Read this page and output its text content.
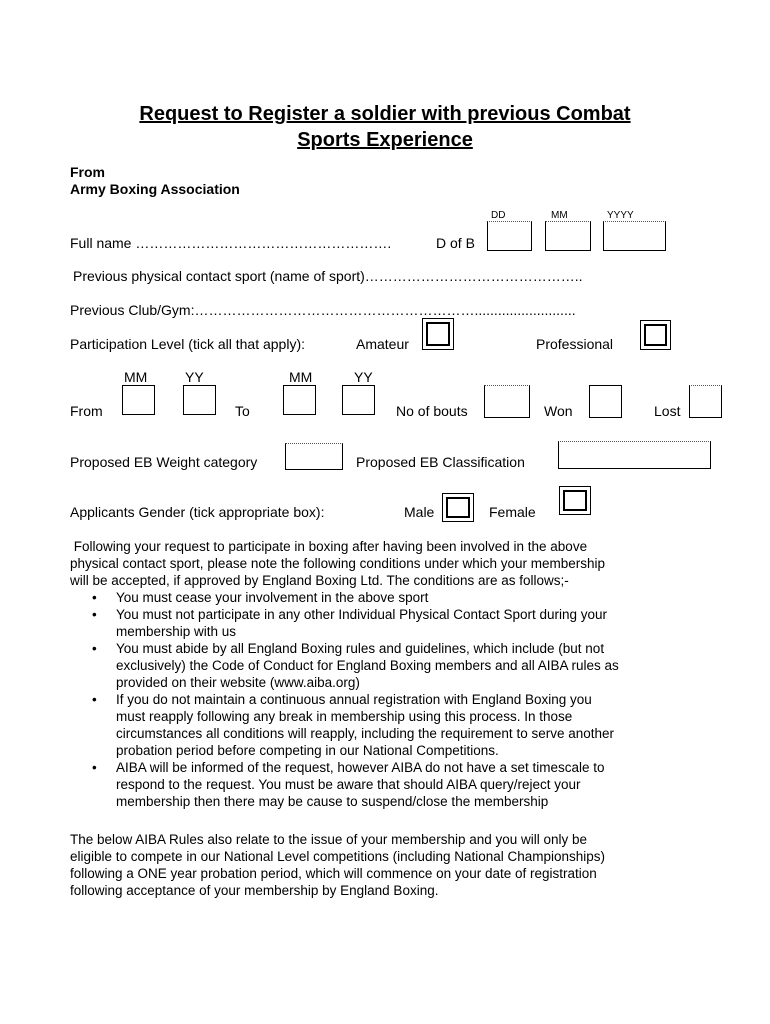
Request to Register a soldier with previous Combat
Sports Experience
From
Army Boxing Association
DD	MM	YYYY
Full name ……………………………………………….	D of B
Previous physical contact sport (name of sport)………………………………………..
Previous Club/Gym:……………………………………………………..........................
Participation Level (tick all that apply):	Amateur	Professional
MM	YY	MM	YY
From	To	No of bouts	Won	Lost
Proposed EB Weight category	Proposed EB Classification
Applicants Gender (tick appropriate box):	Male	Female
Following your request to participate in boxing after having been involved in the above
physical contact sport, please note the following conditions under which your membership
will be accepted, if approved by England Boxing Ltd. The conditions are as follows;-
• You must cease your involvement in the above sport
• You must not participate in any other Individual Physical Contact Sport during your
membership with us
• You must abide by all England Boxing rules and guidelines, which include (but not
exclusively) the Code of Conduct for England Boxing members and all AIBA rules as
provided on their website (www.aiba.org)
• If you do not maintain a continuous annual registration with England Boxing you
must reapply following any break in membership using this process. In those
circumstances all conditions will reapply, including the requirement to serve another
probation period before competing in our National Competitions.
• AIBA will be informed of the request, however AIBA do not have a set timescale to
respond to the request. You must be aware that should AIBA query/reject your
membership then there may be cause to suspend/close the membership
The below AIBA Rules also relate to the issue of your membership and you will only be
eligible to compete in our National Level competitions (including National Championships)
following a ONE year probation period, which will commence on your date of registration
following acceptance of your membership by England Boxing.
